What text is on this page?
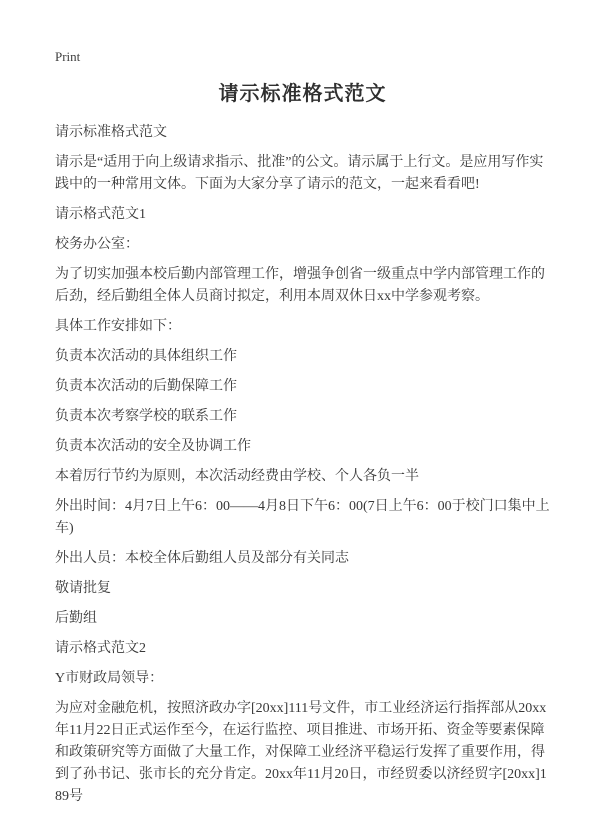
Print
请示标准格式范文

请示标准格式范文

请示是“适用于向上级请求指示、批准”的公文。请示属于上行文。是应用写作实践中的一种常用文体。下面为大家分享了请示的范文，一起来看看吧!

请示格式范文1

校务办公室：

为了切实加强本校后勤内部管理工作，增强争创省一级重点中学内部管理工作的后劲，经后勤组全体人员商讨拟定，利用本周双休日xx中学参观考察。

具体工作安排如下：

负责本次活动的具体组织工作

负责本次活动的后勤保障工作

负责本次考察学校的联系工作

负责本次活动的安全及协调工作

本着厉行节约为原则，本次活动经费由学校、个人各负一半

外出时间：4月7日上午6：00——4月8日下午6：00(7日上午6：00于校门口集中上车)

外出人员：本校全体后勤组人员及部分有关同志

敬请批复

后勤组

请示格式范文2

Y市财政局领导：

为应对金融危机，按照济政办字[20xx]111号文件，市工业经济运行指挥部从20xx年11月22日正式运作至今，在运行监控、项目推进、市场开拓、资金等要素保障和政策研究等方面做了大量工作，对保障工业经济平稳运行发挥了重要作用，得到了孙书记、张市长的充分肯定。20xx年11月20日，市经贸委以济经贸字[20xx]189号
